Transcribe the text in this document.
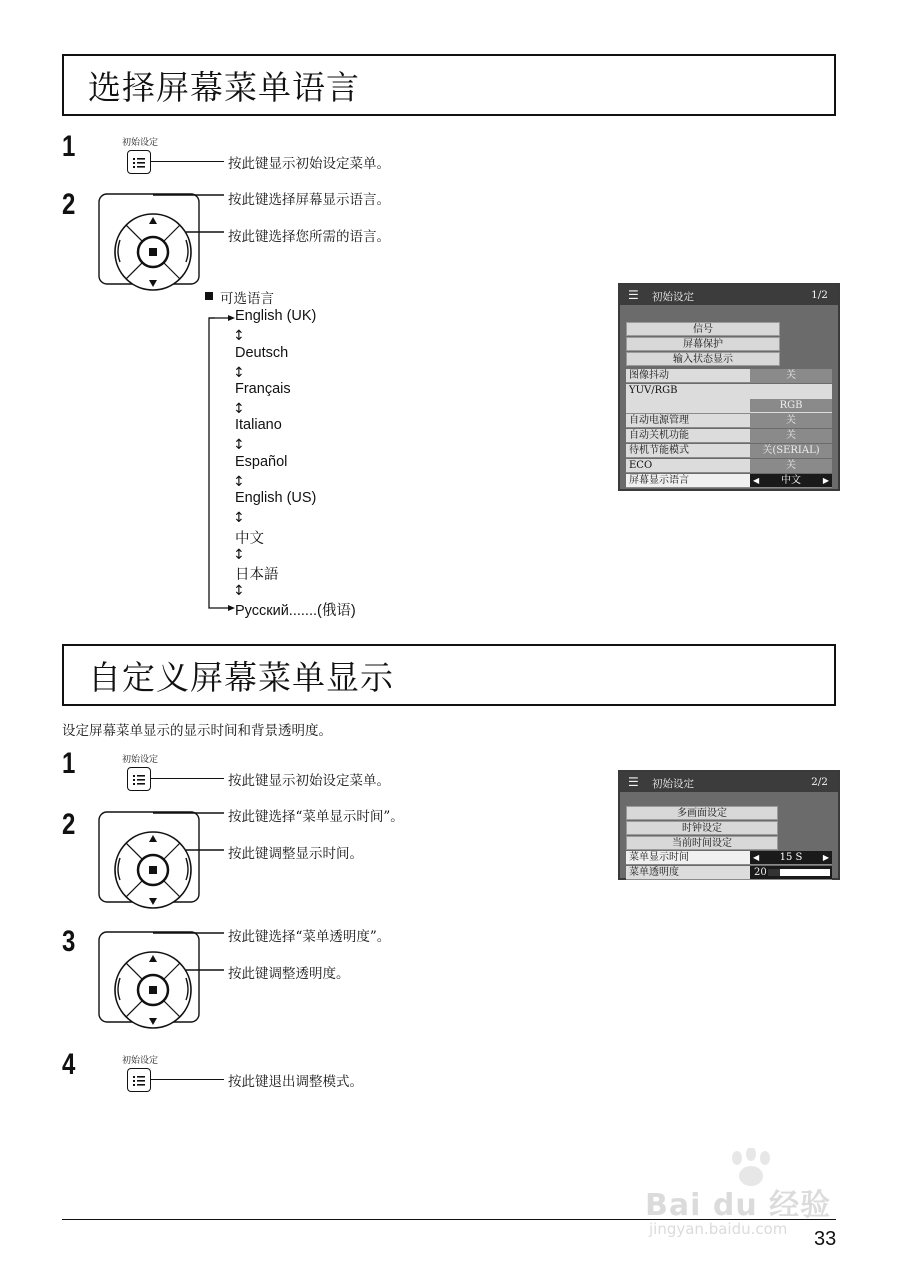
选择屏幕菜单语言
1	初始设定
按此键显示初始设定菜单。
2	按此键选择屏幕显示语言。
按此键选择您所需的语言。
可选语言
English (UK)
↕
Deutsch
↕
Français
↕
Italiano
↕
Español
↕
English (US)
↕
中文
↕
日本語
↕
Русский.......(俄语)
☰ 初始设定	1/2
信号
屏幕保护
输入状态显示
图像抖动	关
YUV/RGB
RGB
自动电源管理	关
自动关机功能	关
待机节能模式	关(SERIAL)
ECO	关
屏幕显示语言	◀ 中文	▶
自定义屏幕菜单显示
设定屏幕菜单显示的显示时间和背景透明度。
1	初始设定
按此键显示初始设定菜单。
2	按此键选择“菜单显示时间”。
按此键调整显示时间。
3	按此键选择“菜单透明度”。
按此键调整透明度。
4	初始设定
按此键退出调整模式。
☰ 初始设定	2/2
多画面设定
时钟设定
当前时间设定
菜单显示时间	◀ 15 S	▶
菜单透明度	20
33
Bai du 经验
jingyan.baidu.com
